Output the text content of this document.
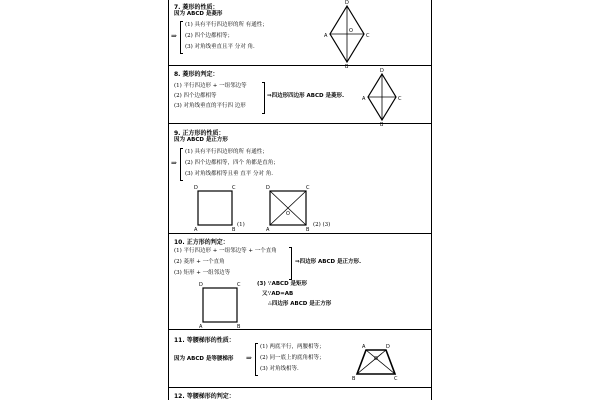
7. 菱形的性质：
因为 ABCD 是菱形
⇒
(1) 具有平行四边形的所 有通性；
(2) 四个边都相等；
(3) 对角线垂直且平 分对 角.
A
B
C
D
O
8. 菱形的判定：
(1) 平行四边形 + 一组邻边等
(2) 四个边都相等
(3) 对角线垂直的平行四 边形
⇒四边形四边形 ABCD 是菱形.	A
B
C
D
9. 正方形的性质：
因为 ABCD 是正方形
⇒
(1) 具有平行四边形的所 有通性；
(2) 四个边都相等，四个 角都是直角；
(3) 对角线都相等且垂 直平 分对 角.
D	C
A	B
(1)
D	C
A	B
O
(2) (3)
10. 正方形的判定：
(1) 平行四边形 + 一组邻边等 + 一个直角
(2) 菱形 + 一个直角
(3) 矩形 + 一组邻边等
⇒四边形 ABCD 是正方形.
D	C
A	B
(3) ∵ABCD 是矩形
又∵AD=AB
∴四边形 ABCD 是正方形
11. 等腰梯形的性质：
因为 ABCD 是等腰梯形 ⇒
(1) 两底平行，两腰相等；
(2) 同一底上的底角相等；
(3) 对角线相等.
A	D
B	C
O
12. 等腰梯形的判定：
